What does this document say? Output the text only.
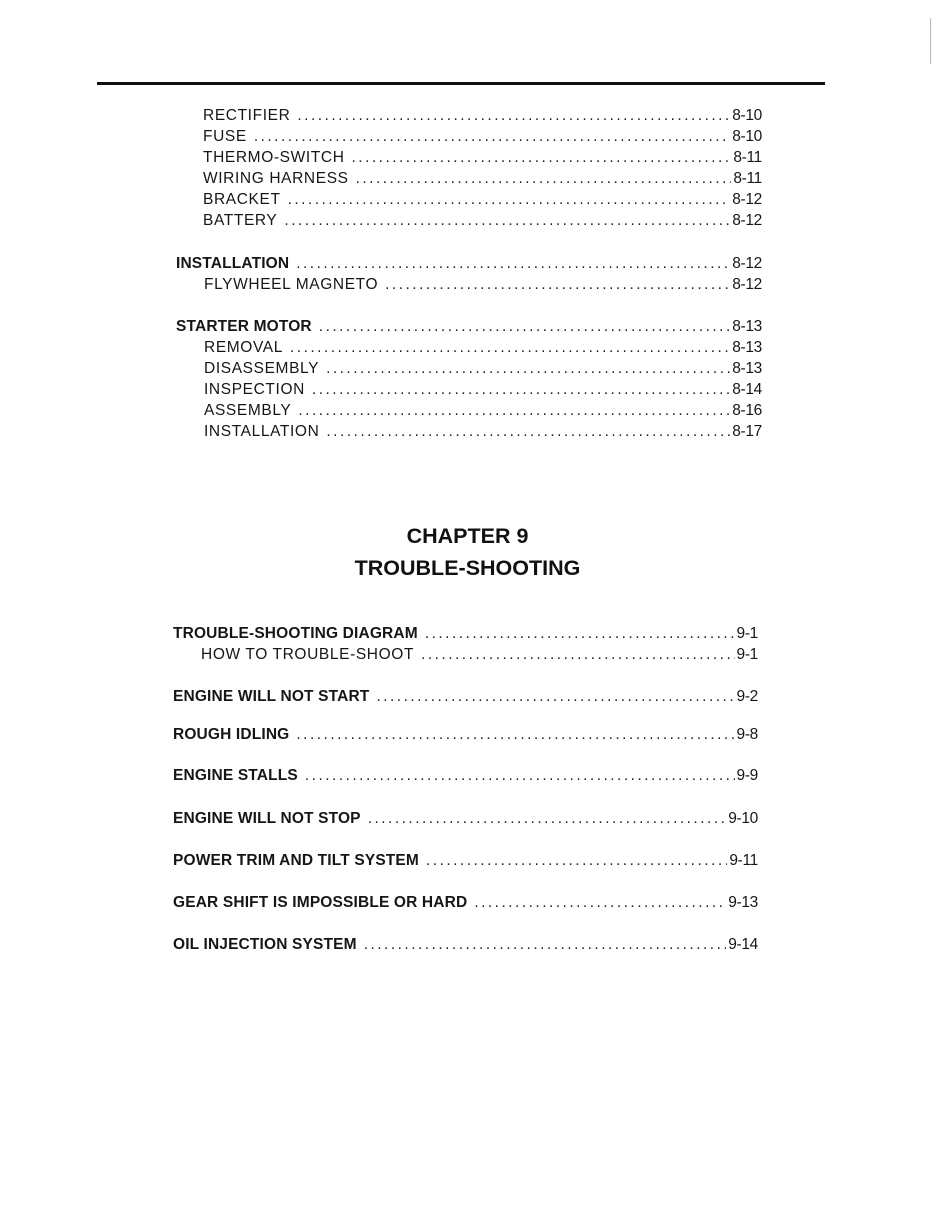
RECTIFIER .....	8-10
FUSE .....	8-10
THERMO-SWITCH .....	8-11
WIRING HARNESS .....	8-11
BRACKET .....	8-12
BATTERY .....	8-12
INSTALLATION .....	8-12
FLYWHEEL MAGNETO .....	8-12
STARTER MOTOR .....	8-13
REMOVAL .....	8-13
DISASSEMBLY .....	8-13
INSPECTION .....	8-14
ASSEMBLY .....	8-16
INSTALLATION .....	8-17
CHAPTER 9
TROUBLE-SHOOTING
TROUBLE-SHOOTING DIAGRAM .....	9-1
HOW TO TROUBLE-SHOOT .....	9-1
ENGINE WILL NOT START .....	9-2
ROUGH IDLING .....	9-8
ENGINE STALLS .....	9-9
ENGINE WILL NOT STOP .....	9-10
POWER TRIM AND TILT SYSTEM .....	9-11
GEAR SHIFT IS IMPOSSIBLE OR HARD .....	9-13
OIL INJECTION SYSTEM .....	9-14
